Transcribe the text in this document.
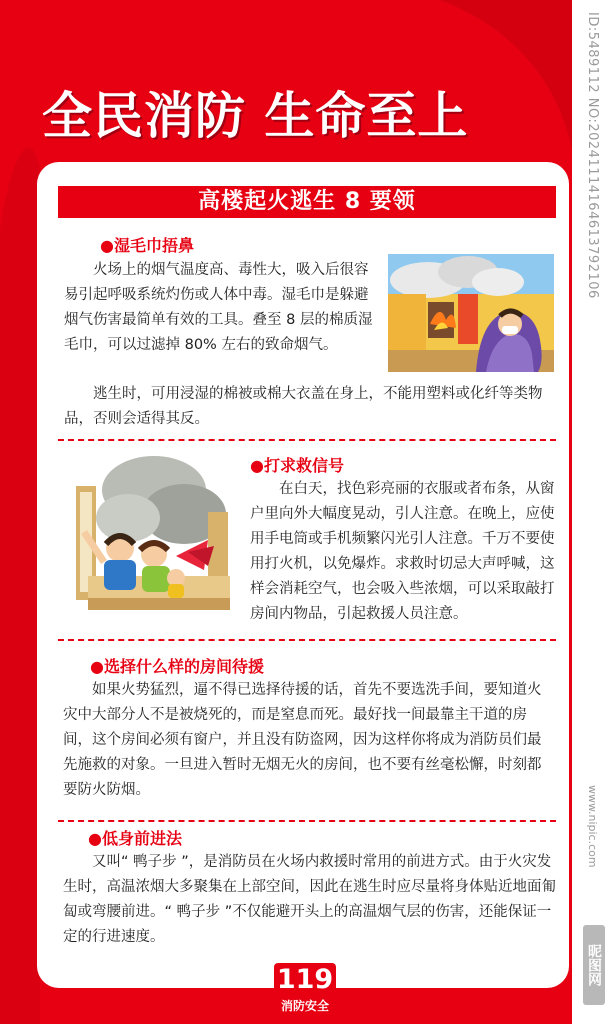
全民消防 生命至上
高楼起火逃生 8 要领
●湿毛巾捂鼻

火场上的烟气温度高、毒性大，吸入后很容易引起呼吸系统灼伤或人体中毒。湿毛巾是躲避烟气伤害最简单有效的工具。叠至 8 层的棉质湿毛巾，可以过滤掉 80% 左右的致命烟气。

逃生时，可用浸湿的棉被或棉大衣盖在身上，不能用塑料或化纤等类物品，否则会适得其反。

●打求救信号

在白天，找色彩亮丽的衣服或者布条，从窗户里向外大幅度晃动，引人注意。在晚上，应使用手电筒或手机频繁闪光引人注意。千万不要使用打火机，以免爆炸。求救时切忌大声呼喊，这样会消耗空气，也会吸入些浓烟，可以采取敲打房间内物品，引起救援人员注意。

●选择什么样的房间待援

如果火势猛烈，逼不得已选择待援的话，首先不要选洗手间，要知道火灾中大部分人不是被烧死的，而是窒息而死。最好找一间最靠主干道的房间，这个房间必须有窗户，并且没有防盗网，因为这样你将成为消防员们最先施救的对象。一旦进入暂时无烟无火的房间，也不要有丝毫松懈，时刻都要防火防烟。

●低身前进法

又叫“ 鸭子步 ”，是消防员在火场内救援时常用的前进方式。由于火灾发生时，高温浓烟大多聚集在上部空间，因此在逃生时应尽量将身体贴近地面匍匐或弯腰前进。“ 鸭子步 ”不仅能避开头上的高温烟气层的伤害，还能保证一定的行进速度。

119
消防安全
ID:5489112 NO:20241114164613792106
www.nipic.com
昵图网
